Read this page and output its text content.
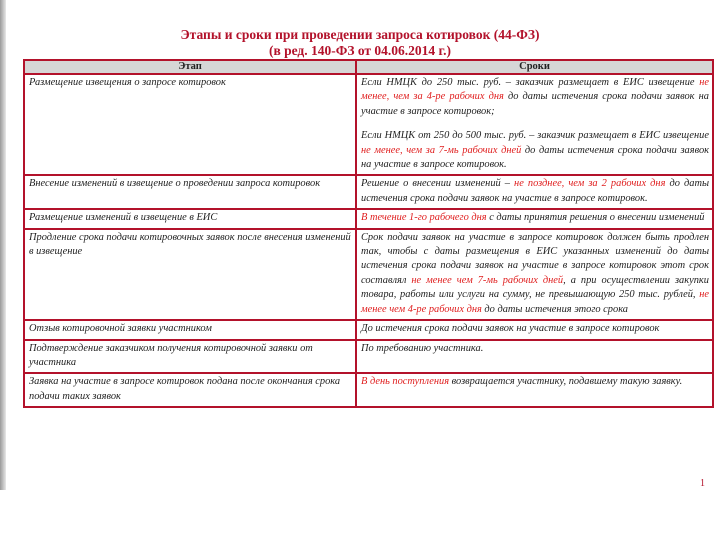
Этапы и сроки при проведении запроса котировок (44-ФЗ)
(в ред. 140-ФЗ от 04.06.2014 г.)
Этап	Сроки
Размещение извещения о запросе котировок	Если НМЦК до 250 тыс. руб. – заказчик размещает в ЕИС извещение не менее, чем за 4-ре рабочих дня до даты истечения срока подачи заявок на участие в запросе котировок;
Если НМЦК от 250 до 500 тыс. руб. – заказчик размещает в ЕИС извещение не менее, чем за 7-мь рабочих дней до даты истечения срока подачи заявок на участие в запросе котировок.

Внесение изменений в извещение о проведении запроса котировок	Решение о внесении изменений – не позднее, чем за 2 рабочих дня до даты истечения срока подачи заявок на участие в запросе котировок.
Размещение изменений в извещение в ЕИС	В течение 1-го рабочего дня с даты принятия решения о внесении изменений
Продление срока подачи котировочных заявок после внесения изменений в извещение	Срок подачи заявок на участие в запросе котировок должен быть продлен так, чтобы с даты размещения в ЕИС указанных изменений до даты истечения срока подачи заявок на участие в запросе котировок этот срок составлял не менее чем 7-мь рабочих дней, а при осуществлении закупки товара, работы или услуги на сумму, не превышающую 250 тыс. рублей, не менее чем 4-ре рабочих дня до даты истечения этого срока
Отзыв котировочной заявки участником	До истечения срока подачи заявок на участие в запросе котировок
Подтверждение заказчиком получения котировочной заявки от участника	По требованию участника.
Заявка на участие в запросе котировок подана после окончания срока подачи таких заявок	В день поступления возвращается участнику, подавшему такую заявку.
1
